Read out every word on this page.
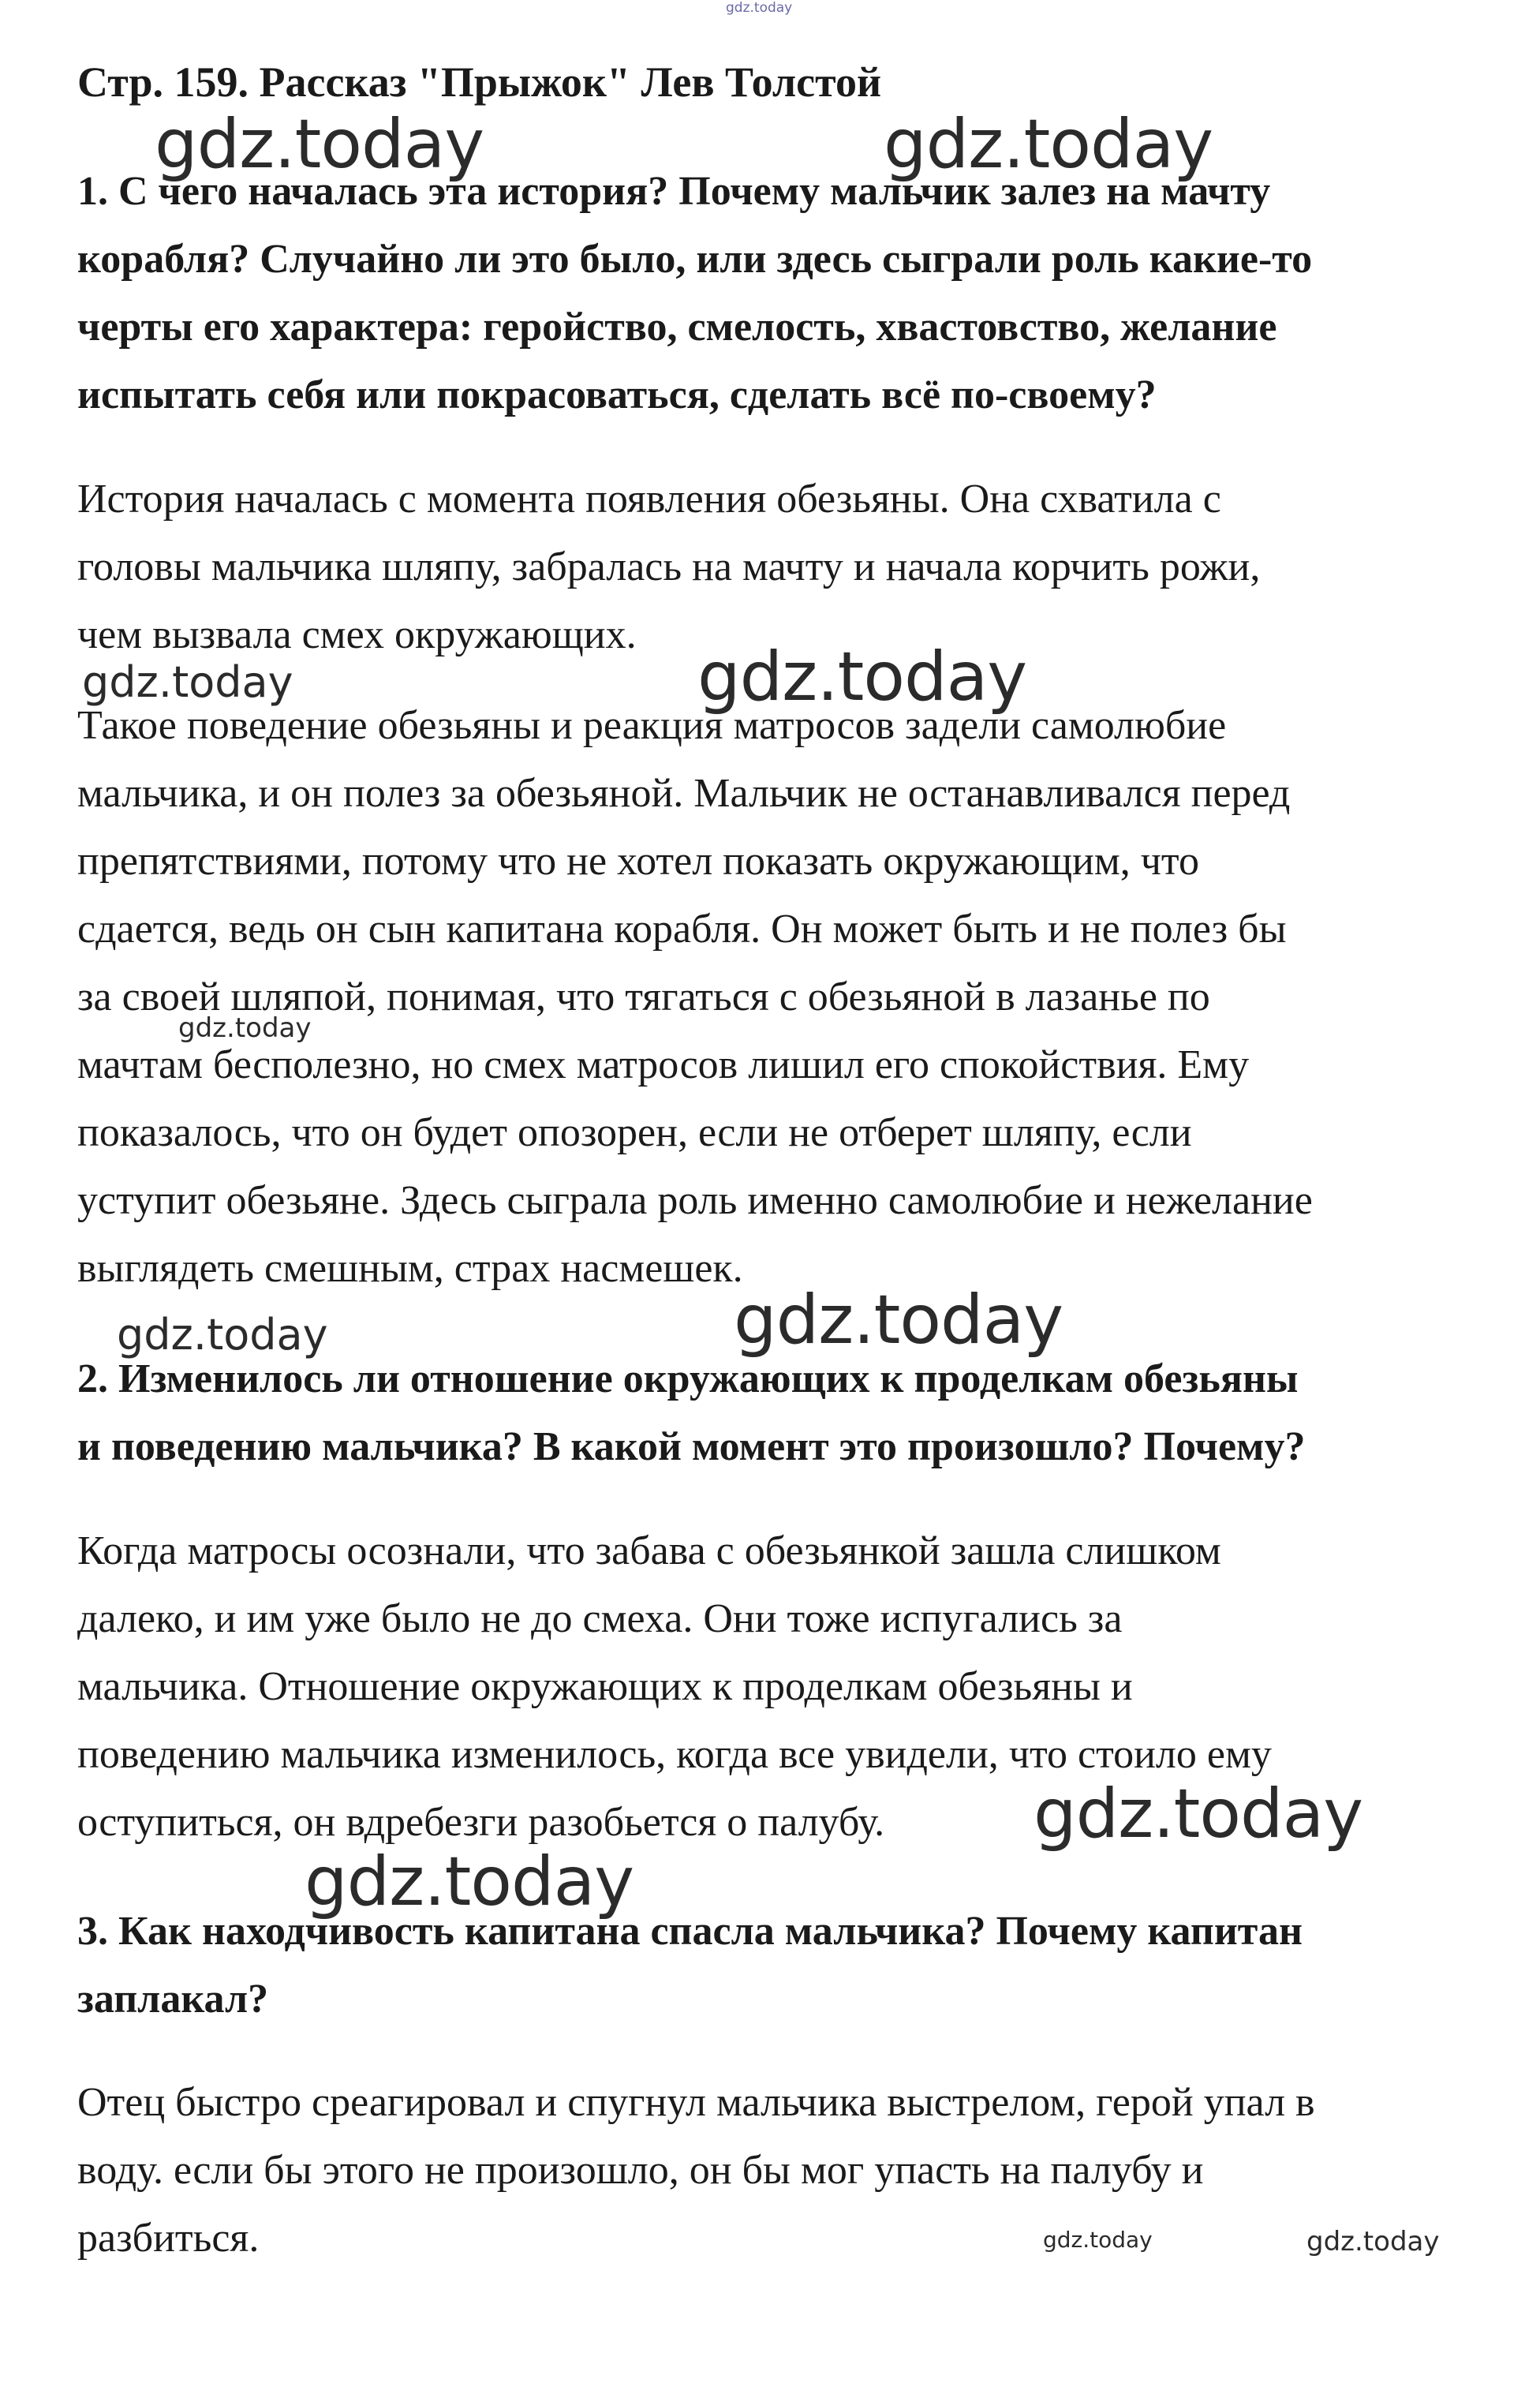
gdz.today
Стр. 159. Рассказ "Прыжок" Лев Толстой
1. С чего началась эта история? Почему мальчик залез на мачту
корабля? Случайно ли это было, или здесь сыграли роль какие-то
черты его характера: геройство, смелость, хвастовство, желание
испытать себя или покрасоваться, сделать всё по-своему?
История началась с момента появления обезьяны. Она схватила с
головы мальчика шляпу, забралась на мачту и начала корчить рожи,
чем вызвала смех окружающих.
Такое поведение обезьяны и реакция матросов задели самолюбие
мальчика, и он полез за обезьяной. Мальчик не останавливался перед
препятствиями, потому что не хотел показать окружающим, что
сдается, ведь он сын капитана корабля. Он может быть и не полез бы
за своей шляпой, понимая, что тягаться с обезьяной в лазанье по
мачтам бесполезно, но смех матросов лишил его спокойствия. Ему
показалось, что он будет опозорен, если не отберет шляпу, если
уступит обезьяне. Здесь сыграла роль именно самолюбие и нежелание
выглядеть смешным, страх насмешек.
2. Изменилось ли отношение окружающих к проделкам обезьяны
и поведению мальчика? В какой момент это произошло? Почему?
Когда матросы осознали, что забава с обезьянкой зашла слишком
далеко, и им уже было не до смеха. Они тоже испугались за
мальчика. Отношение окружающих к проделкам обезьяны и
поведению мальчика изменилось, когда все увидели, что стоило ему
оступиться, он вдребезги разобьется о палубу.
3. Как находчивость капитана спасла мальчика? Почему капитан
заплакал?
Отец быстро среагировал и спугнул мальчика выстрелом, герой упал в
воду. если бы этого не произошло, он бы мог упасть на палубу и
разбиться.
gdz.today	gdz.today
gdz.today	gdz.today
gdz.today
gdz.today	gdz.today
gdz.today
gdz.today
gdz.today	gdz.today
